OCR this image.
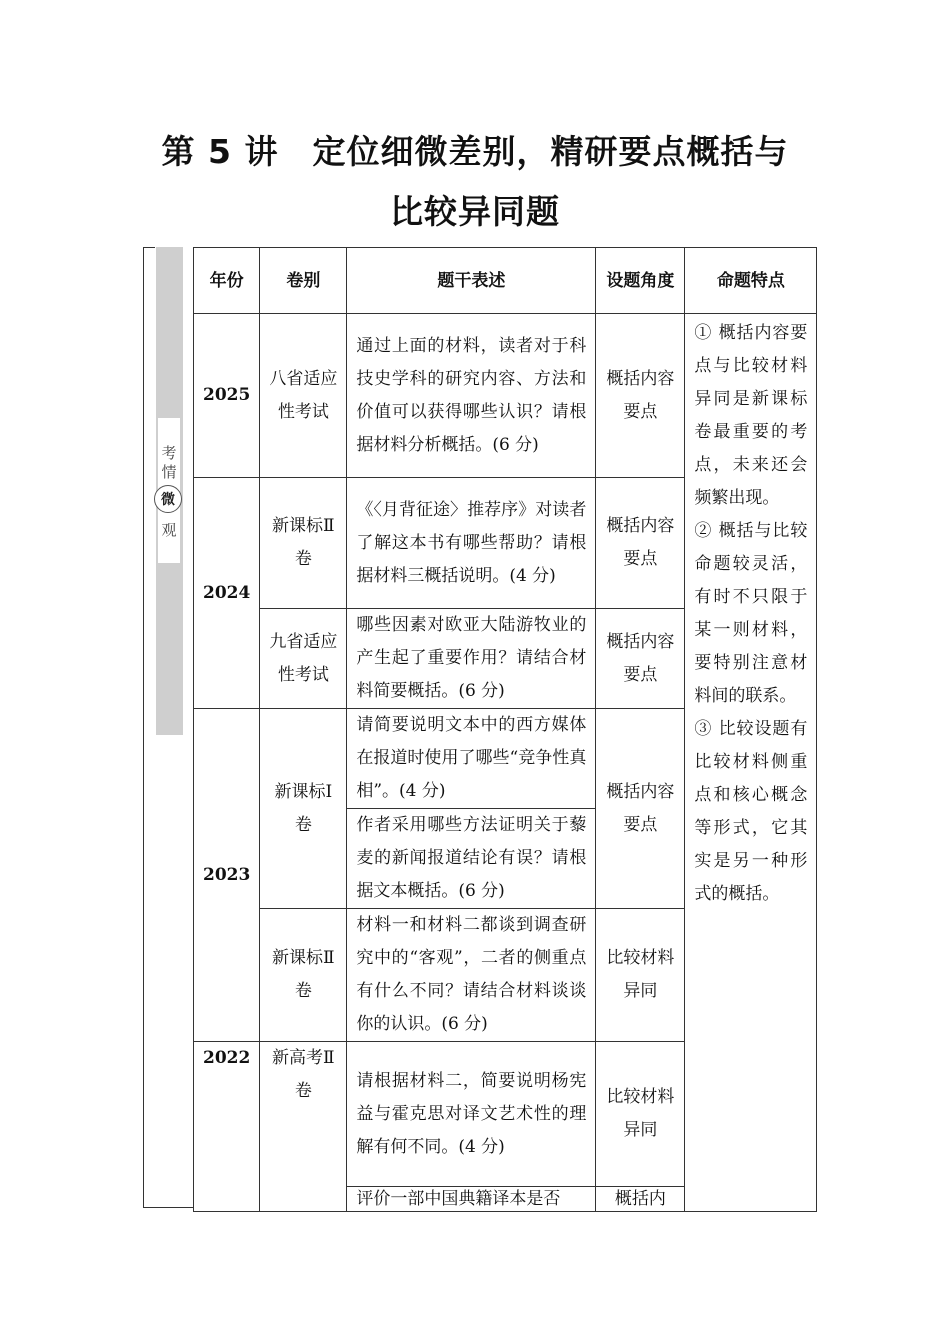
第 5 讲　定位细微差别，精研要点概括与
比较异同题
考
情
微
观
年份	卷别	题干表述	设题角度	命题特点
2025	八省适应性考试	通过上面的材料，读者对于科技史学科的研究内容、方法和价值可以获得哪些认识？请根据材料分析概括。(6 分)	概括内容要点	① 概括内容要点与比较材料异同是新课标卷最重要的考点，未来还会频繁出现。
② 概括与比较命题较灵活，有时不只限于某一则材料，要特别注意材料间的联系。
③ 比较设题有比较材料侧重点和核心概念等形式，它其实是另一种形式的概括。

2024	新课标Ⅱ卷	《〈月背征途〉推荐序》对读者了解这本书有哪些帮助？请根据材料三概括说明。(4 分)	概括内容要点	
	九省适应性考试	哪些因素对欧亚大陆游牧业的产生起了重要作用？请结合材料简要概括。(6 分)	概括内容要点	
2023	新课标Ⅰ卷	请简要说明文本中的西方媒体在报道时使用了哪些“竞争性真相”。(4 分)	概括内容要点	
		作者采用哪些方法证明关于藜麦的新闻报道结论有误？请根据文本概括。(6 分)		
	新课标Ⅱ卷	材料一和材料二都谈到调查研究中的“客观”，二者的侧重点有什么不同？请结合材料谈谈你的认识。(6 分)	比较材料异同	
2022	新高考Ⅱ卷	请根据材料二，简要说明杨宪益与霍克思对译文艺术性的理解有何不同。(4 分)	比较材料异同	
		评价一部中国典籍译本是否	概括内	
